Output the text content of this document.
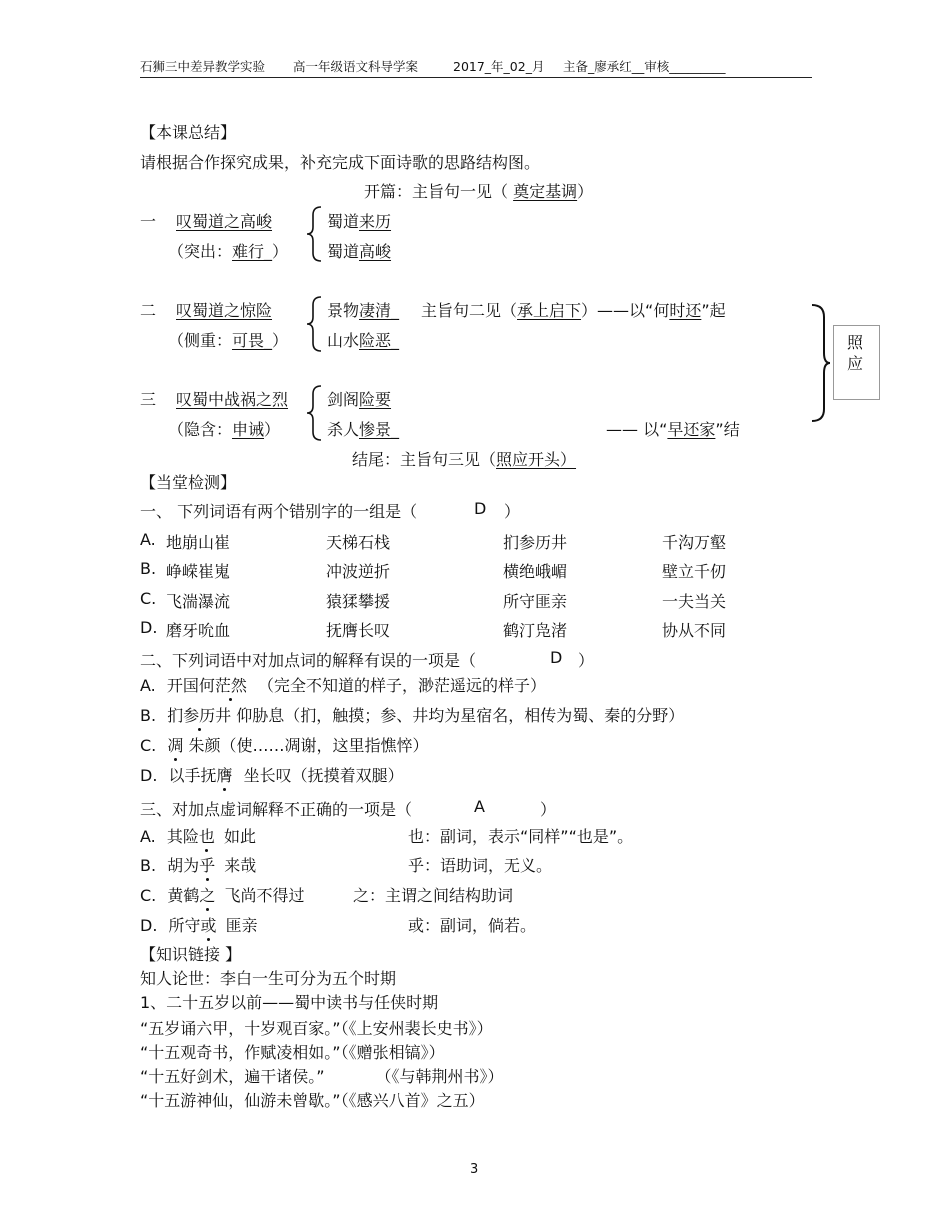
石狮三中差异教学实验 高一年级语文科导学案	2017_年_02_月 主备_廖承红__审核_________
【本课总结】
请根据合作探究成果，补充完成下面诗歌的思路结构图。
开篇：主旨句一见（ 奠定基调）
一 叹蜀道之高峻
（突出：难行_）
蜀道来历
蜀道高峻
二 叹蜀道之惊险
（侧重：可畏_）
景物凄清_ 主旨句二见（承上启下）——以“何时还”起
山水险恶_
三 叹蜀中战祸之烈
（隐含：申诫）
剑阁险要
杀人惨景_	—— 以“早还家”结
结尾：主旨句三见（照应开头）
照
应
【当堂检测】
一、 下列词语有两个错别字的一组是（	D ）
A. 地崩山崔	天梯石栈	扪参历井	千沟万壑
B. 峥嵘崔嵬	冲波逆折	横绝峨嵋	壁立千仞
C. 飞湍瀑流	猿猱攀援	所守匪亲	一夫当关
D. 磨牙吮血	抚膺长叹	鹤汀凫渚	协从不同
二、下列词语中对加点词的解释有误的一项是（	D ）
A. 开国何茫然 （完全不知道的样子，渺茫遥远的样子）
B. 扪参历井 仰胁息（扪，触摸；参、井均为星宿名，相传为蜀、秦的分野）
C. 凋 朱颜（使……凋谢，这里指憔悴）
D. 以手抚膺 坐长叹（抚摸着双腿）
三、对加点虚词解释不正确的一项是（	A	）
A. 其险也 如此	也：副词，表示“同样”“也是”。
B. 胡为乎 来哉	乎：语助词，无义。
C. 黄鹤之 飞尚不得过	之：主谓之间结构助词
D. 所守或 匪亲	或：副词，倘若。
【知识链接 】
知人论世：李白一生可分为五个时期
1、二十五岁以前——蜀中读书与任侠时期
“五岁诵六甲，十岁观百家。”（《上安州裴长史书》）
“十五观奇书，作赋凌相如。”（《赠张相镐》）
“十五好剑术，遍干诸侯。”          （《与韩荆州书》）
“十五游神仙，仙游未曾歇。”（《感兴八首》之五）
3
